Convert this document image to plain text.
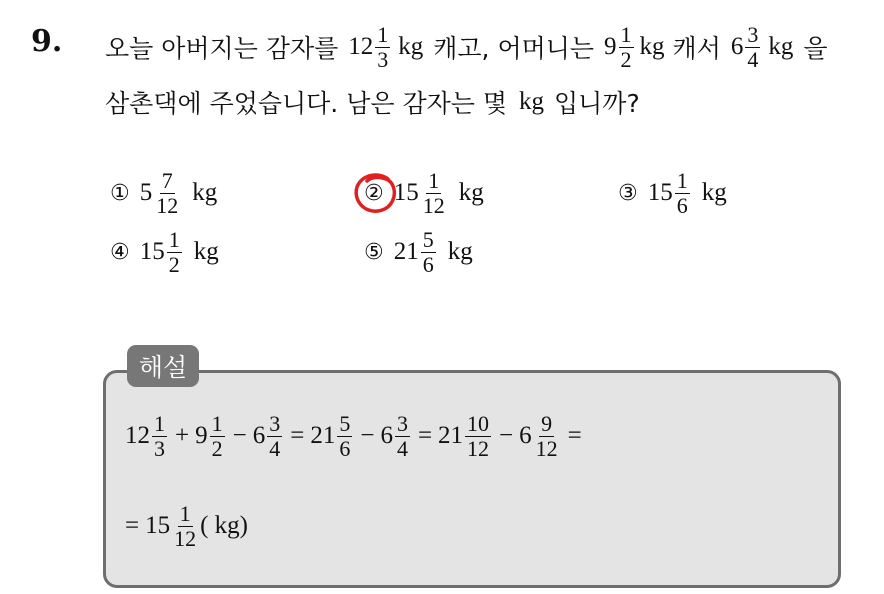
9. 오늘 아버지는 감자를 $12 \frac{1}{3}$ kg 캐고, 어머니는 $9 \frac{1}{2}$ kg 캐서 $6 \frac{3}{4}$ kg 을
삼촌댁에 주었습니다. 남은 감자는 몇 kg 입니까?
① $5 \frac{7}{12}$ kg	② $15 \frac{1}{12}$ kg	③ $15 \frac{1}{6}$ kg
④ $15 \frac{1}{2}$ kg	⑤ $21 \frac{5}{6}$ kg
해설
$12 \frac{1}{3} + 9 \frac{1}{2} - 6 \frac{3}{4} = 21 \frac{5}{6} - 6 \frac{3}{4} = 21 \frac{10}{12} - 6 \frac{9}{12}$ =
= $15 \frac{1}{12}$ ( kg)
